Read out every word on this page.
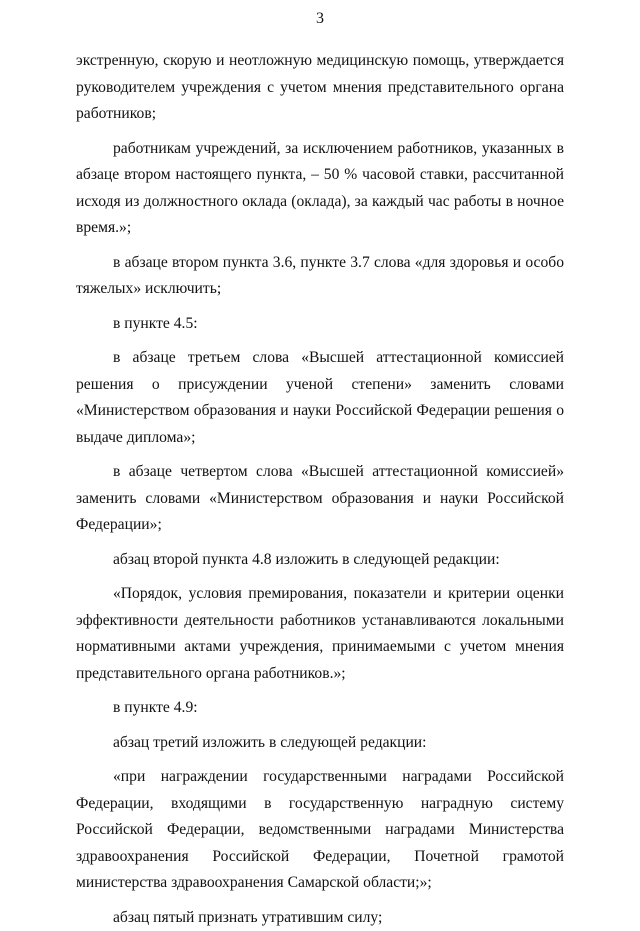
3

экстренную, скорую и неотложную медицинскую помощь, утверждается руководителем учреждения с учетом мнения представительного органа работников;

работникам учреждений, за исключением работников, указанных в абзаце втором настоящего пункта, – 50 % часовой ставки, рассчитанной исходя из должностного оклада (оклада), за каждый час работы в ночное время.»;

в абзаце втором пункта 3.6, пункте 3.7 слова «для здоровья и особо тяжелых» исключить;

в пункте 4.5:

в абзаце третьем слова «Высшей аттестационной комиссией решения о присуждении ученой степени» заменить словами «Министерством образования и науки Российской Федерации решения о выдаче диплома»;

в абзаце четвертом слова «Высшей аттестационной комиссией» заменить словами «Министерством образования и науки Российской Федерации»;

абзац второй пункта 4.8 изложить в следующей редакции:

«Порядок, условия премирования, показатели и критерии оценки эффективности деятельности работников устанавливаются локальными нормативными актами учреждения, принимаемыми с учетом мнения представительного органа работников.»;

в пункте 4.9:

абзац третий изложить в следующей редакции:

«при награждении государственными наградами Российской Федерации, входящими в государственную наградную систему Российской Федерации, ведомственными наградами Министерства здравоохранения Российской Федерации, Почетной грамотой министерства здравоохранения Самарской области;»;

абзац пятый признать утратившим силу;
